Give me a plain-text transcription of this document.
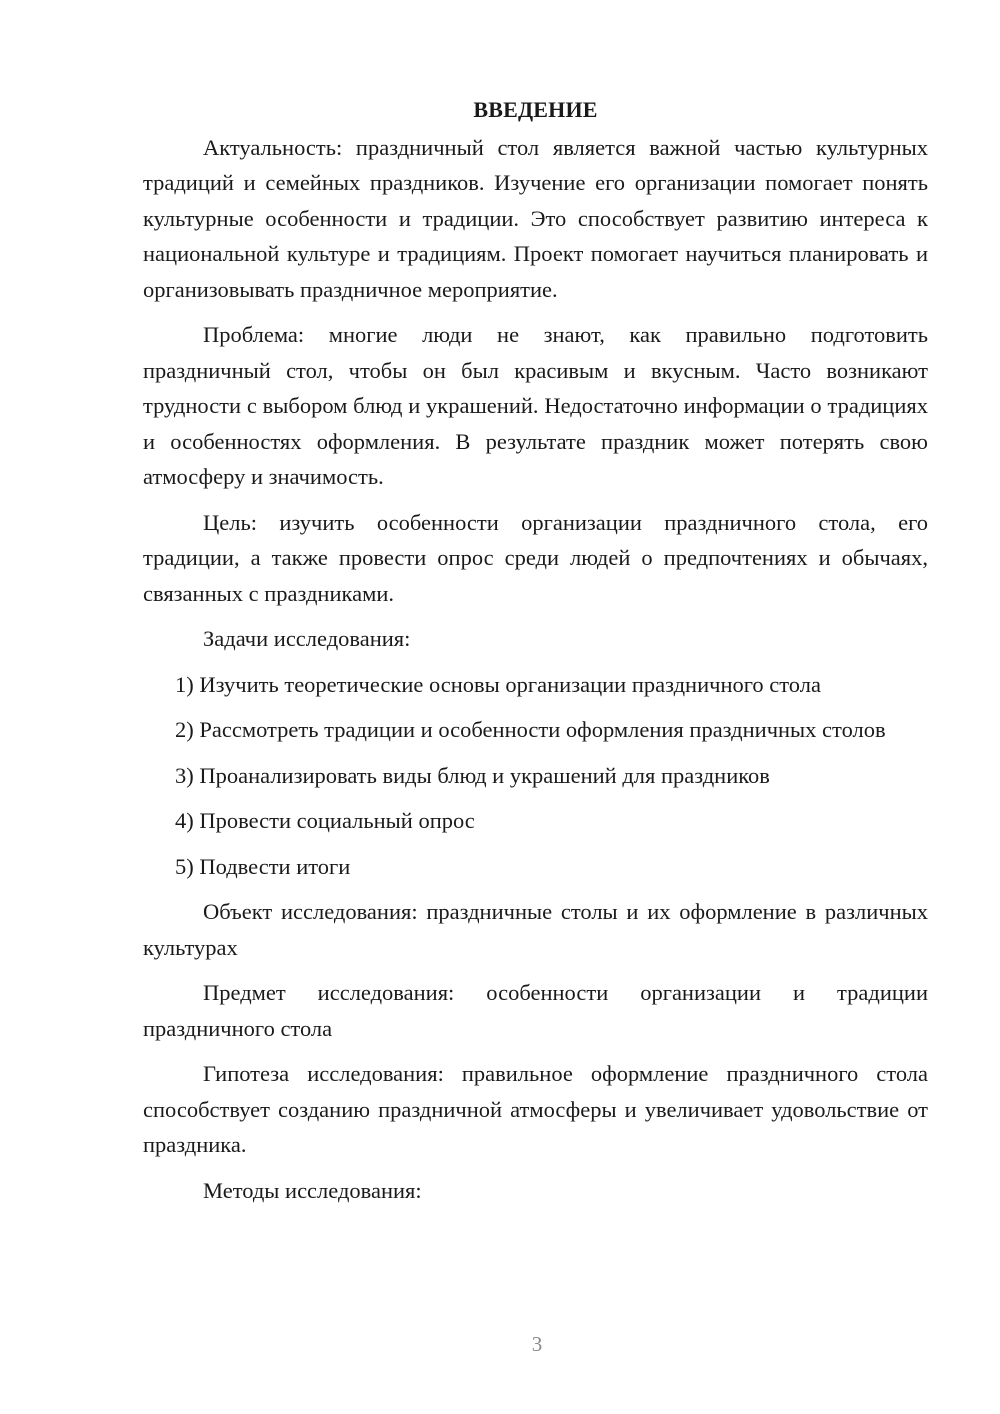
ВВЕДЕНИЕ

Актуальность: праздничный стол является важной частью культурных традиций и семейных праздников. Изучение его организации помогает понять культурные особенности и традиции. Это способствует развитию интереса к национальной культуре и традициям. Проект помогает научиться планировать и организовывать праздничное мероприятие.

Проблема: многие люди не знают, как правильно подготовить праздничный стол, чтобы он был красивым и вкусным. Часто возникают трудности с выбором блюд и украшений. Недостаточно информации о традициях и особенностях оформления. В результате праздник может потерять свою атмосферу и значимость.

Цель: изучить особенности организации праздничного стола, его традиции, а также провести опрос среди людей о предпочтениях и обычаях, связанных с праздниками.

Задачи исследования:

1) Изучить теоретические основы организации праздничного стола

2) Рассмотреть традиции и особенности оформления праздничных столов

3) Проанализировать виды блюд и украшений для праздников

4) Провести социальный опрос

5) Подвести итоги

Объект исследования: праздничные столы и их оформление в различных культурах

Предмет исследования: особенности организации и традиции праздничного стола

Гипотеза исследования: правильное оформление праздничного стола способствует созданию праздничной атмосферы и увеличивает удовольствие от праздника.

Методы исследования:

3
